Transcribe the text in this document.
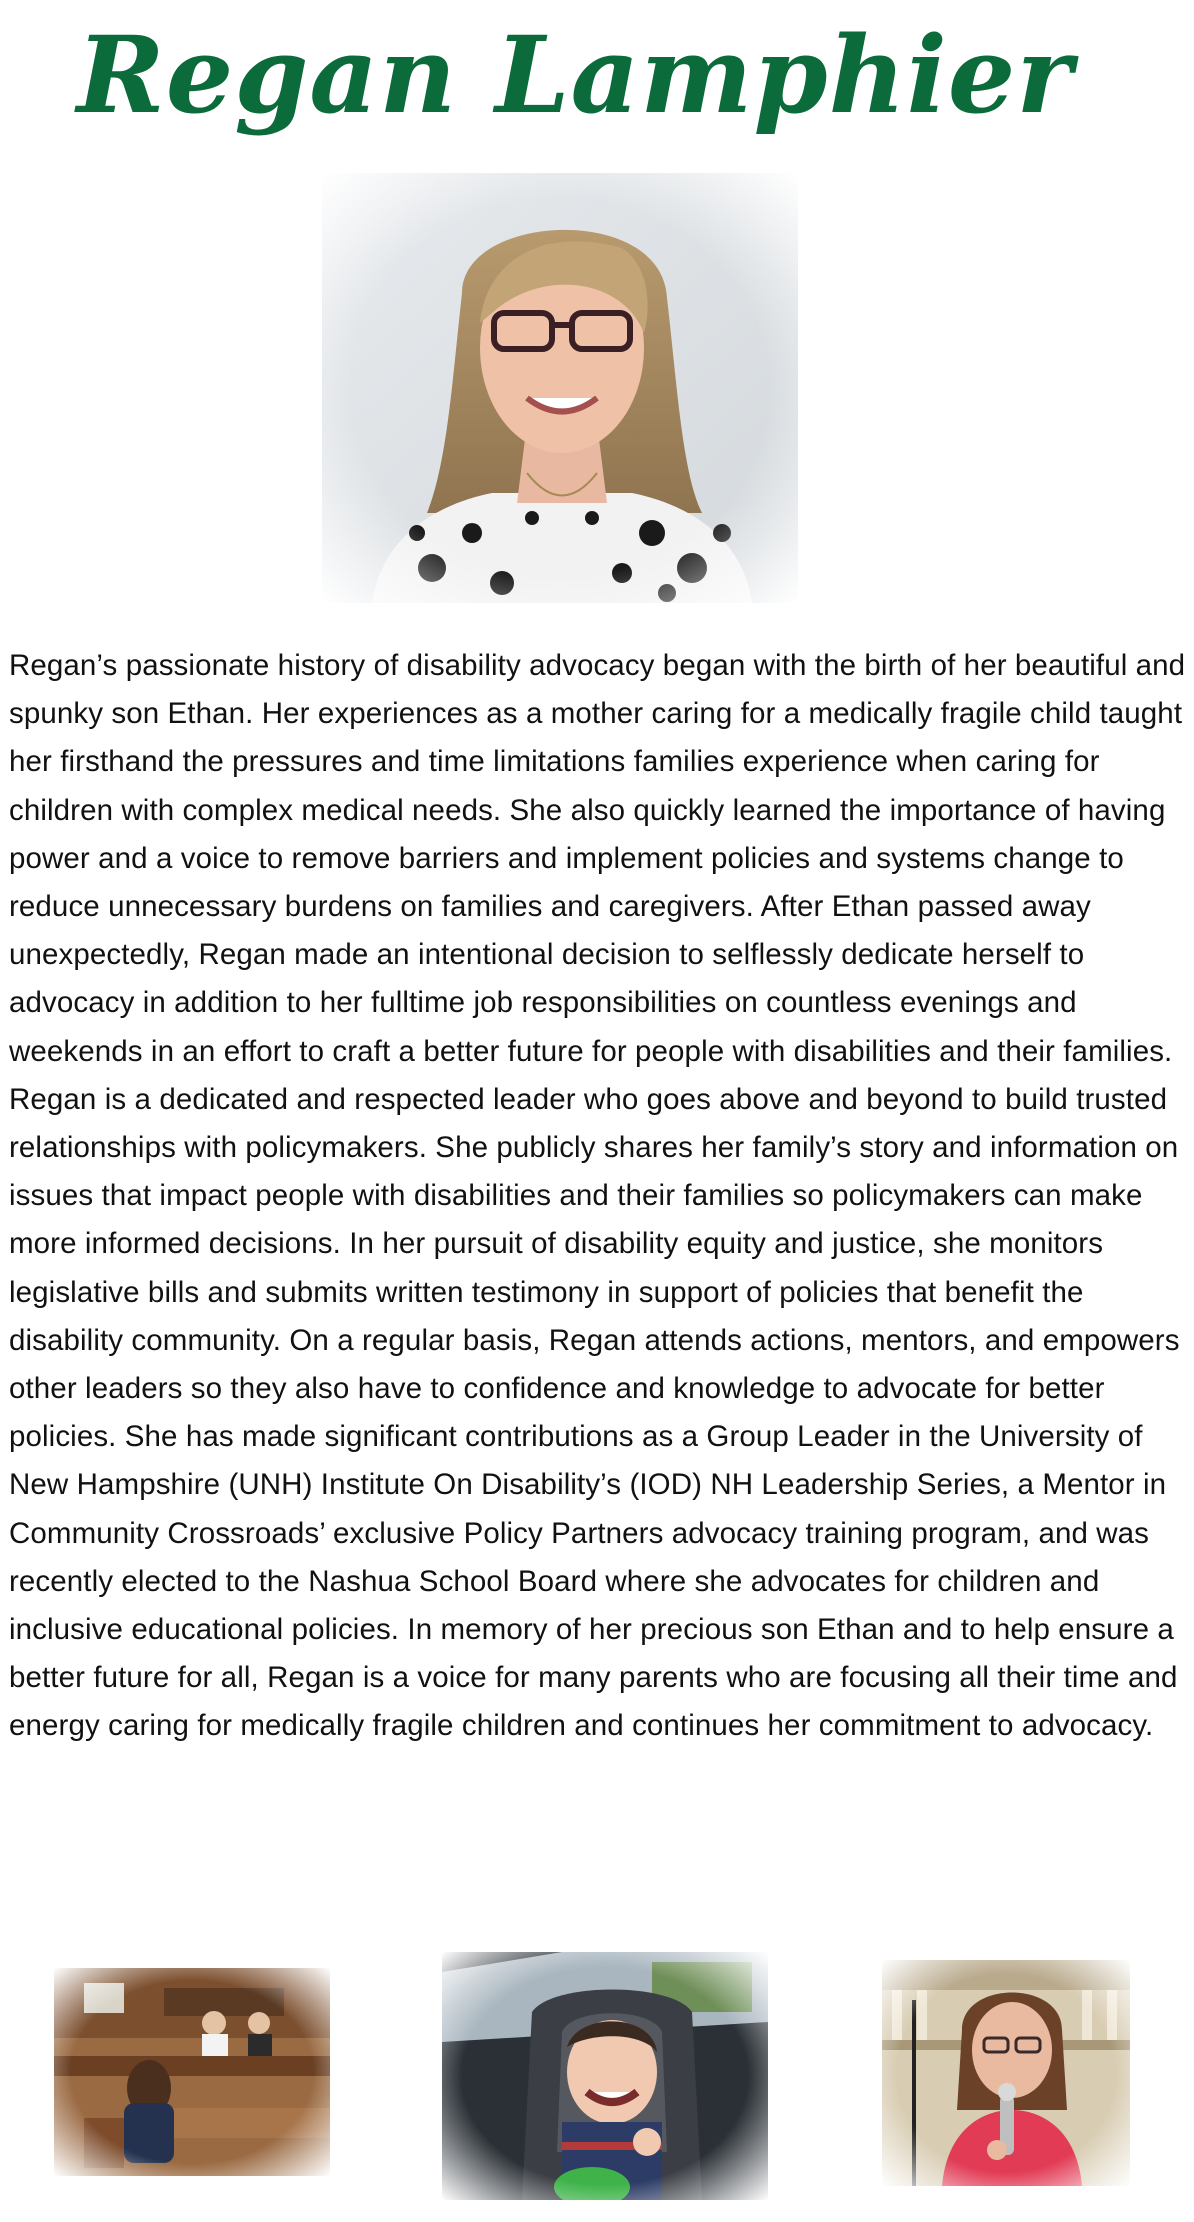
Regan Lamphier

Regan’s passionate history of disability advocacy began with the birth of her beautiful and spunky son Ethan. Her experiences as a mother caring for a medically fragile child taught her firsthand the pressures and time limitations families experience when caring for children with complex medical needs. She also quickly learned the importance of having power and a voice to remove barriers and implement policies and systems change to reduce unnecessary burdens on families and caregivers. After Ethan passed away unexpectedly, Regan made an intentional decision to selflessly dedicate herself to advocacy in addition to her fulltime job responsibilities on countless evenings and weekends in an effort to craft a better future for people with disabilities and their families. Regan is a dedicated and respected leader who goes above and beyond to build trusted relationships with policymakers. She publicly shares her family’s story and information on issues that impact people with disabilities and their families so policymakers can make more informed decisions. In her pursuit of disability equity and justice, she monitors legislative bills and submits written testimony in support of policies that benefit the disability community. On a regular basis, Regan attends actions, mentors, and empowers other leaders so they also have to confidence and knowledge to advocate for better policies. She has made significant contributions as a Group Leader in the University of New Hampshire (UNH) Institute On Disability’s (IOD) NH Leadership Series, a Mentor in Community Crossroads’ exclusive Policy Partners advocacy training program, and was recently elected to the Nashua School Board where she advocates for children and inclusive educational policies. In memory of her precious son Ethan and to help ensure a better future for all, Regan is a voice for many parents who are focusing all their time and energy caring for medically fragile children and continues her commitment to advocacy.
